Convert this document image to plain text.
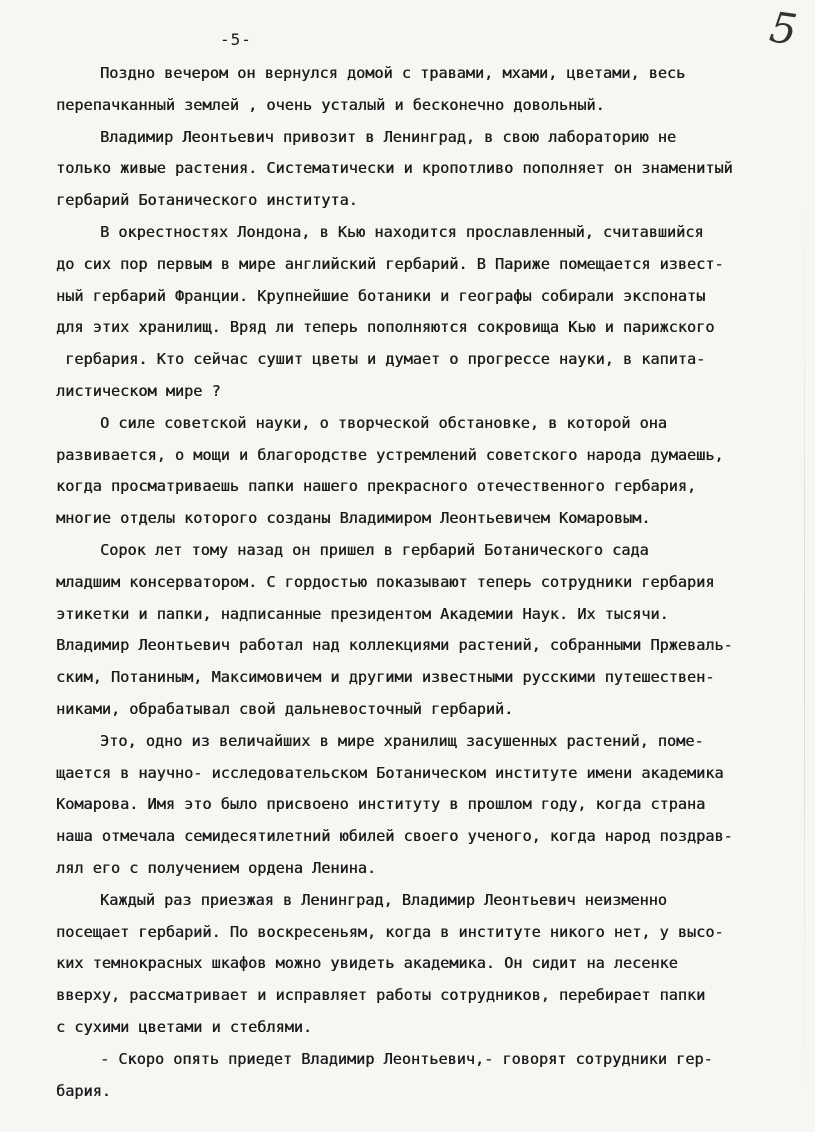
-5-	5
Поздно вечером он вернулся домой с травами, мхами, цветами, весь
перепачканный землей , очень усталый и бесконечно довольный.
Владимир Леонтьевич привозит в Ленинград, в свою лабораторию не
только живые растения. Систематически и кропотливо пополняет он знаменитый
гербарий Ботанического института.
В окрестностях Лондона, в Кью находится прославленный, считавшийся
до сих пор первым в мире английский гербарий. В Париже помещается извест-
ный гербарий Франции. Крупнейшие ботаники и географы собирали экспонаты
для этих хранилищ. Вряд ли теперь пополняются сокровища Кью и парижского
гербария. Кто сейчас сушит цветы и думает о прогрессе науки, в капита-
листическом мире ?
О силе советской науки, о творческой обстановке, в которой она
развивается, о мощи и благородстве устремлений советского народа думаешь,
когда просматриваешь папки нашего прекрасного отечественного гербария,
многие отделы которого созданы Владимиром Леонтьевичем Комаровым.
Сорок лет тому назад он пришел в гербарий Ботанического сада
младшим консерватором. С гордостью показывают теперь сотрудники гербария
этикетки и папки, надписанные президентом Академии Наук. Их тысячи.
Владимир Леонтьевич работал над коллекциями растений, собранными Пржеваль-
ским, Потаниным, Максимовичем и другими известными русскими путешествен-
никами, обрабатывал свой дальневосточный гербарий.
Это, одно из величайших в мире хранилищ засушенных растений, поме-
щается в научно- исследовательском Ботаническом институте имени академика
Комарова. Имя это было присвоено институту в прошлом году, когда страна
наша отмечала семидесятилетний юбилей своего ученого, когда народ поздрав-
лял его с получением ордена Ленина.
Каждый раз приезжая в Ленинград, Владимир Леонтьевич неизменно
посещает гербарий. По воскресеньям, когда в институте никого нет, у высо-
ких темнокрасных шкафов можно увидеть академика. Он сидит на лесенке
вверху, рассматривает и исправляет работы сотрудников, перебирает папки
с сухими цветами и стеблями.
- Скоро опять приедет Владимир Леонтьевич,- говорят сотрудники гер-
бария.
